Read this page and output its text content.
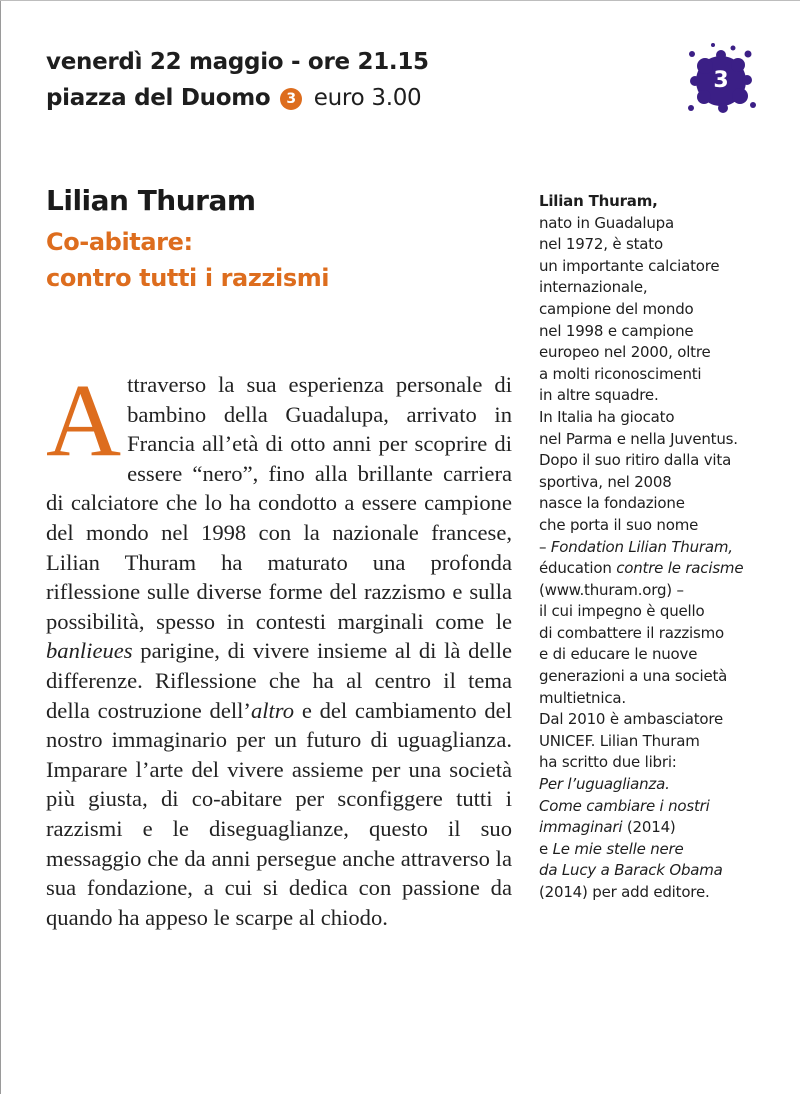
venerdì 22 maggio - ore 21.15
piazza del Duomo 3 euro 3.00
3
Lilian Thuram
Co-abitare:
contro tutti i razzismi

Attraverso la sua esperienza personale di bambino della Guadalupa, arrivato in Francia all’età di otto anni per scoprire di essere “nero”, fino alla brillante carriera di calciatore che lo ha condotto a essere campione del mondo nel 1998 con la nazionale francese, Lilian Thuram ha maturato una profonda riflessione sulle diverse forme del razzismo e sulla possibilità, spesso in contesti marginali come le banlieues parigine, di vivere insieme al di là delle differenze. Riflessione che ha al centro il tema della costruzione dell’altro e del cambiamento del nostro immaginario per un futuro di uguaglianza. Imparare l’arte del vivere assieme per una società più giusta, di co-abitare per sconfiggere tutti i razzismi e le diseguaglianze, questo il suo messaggio che da anni persegue anche attraverso la sua fondazione, a cui si dedica con passione da quando ha appeso le scarpe al chiodo.

Lilian Thuram,
nato in Guadalupa
nel 1972, è stato
un importante calciatore
internazionale,
campione del mondo
nel 1998 e campione
europeo nel 2000, oltre
a molti riconoscimenti
in altre squadre.
In Italia ha giocato
nel Parma e nella Juventus.
Dopo il suo ritiro dalla vita
sportiva, nel 2008
nasce la fondazione
che porta il suo nome
– Fondation Lilian Thuram,
éducation contre le racisme
(www.thuram.org) –
il cui impegno è quello
di combattere il razzismo
e di educare le nuove
generazioni a una società
multietnica.
Dal 2010 è ambasciatore
UNICEF. Lilian Thuram
ha scritto due libri:
Per l’uguaglianza.
Come cambiare i nostri
immaginari (2014)
e Le mie stelle nere
da Lucy a Barack Obama
(2014) per add editore.
